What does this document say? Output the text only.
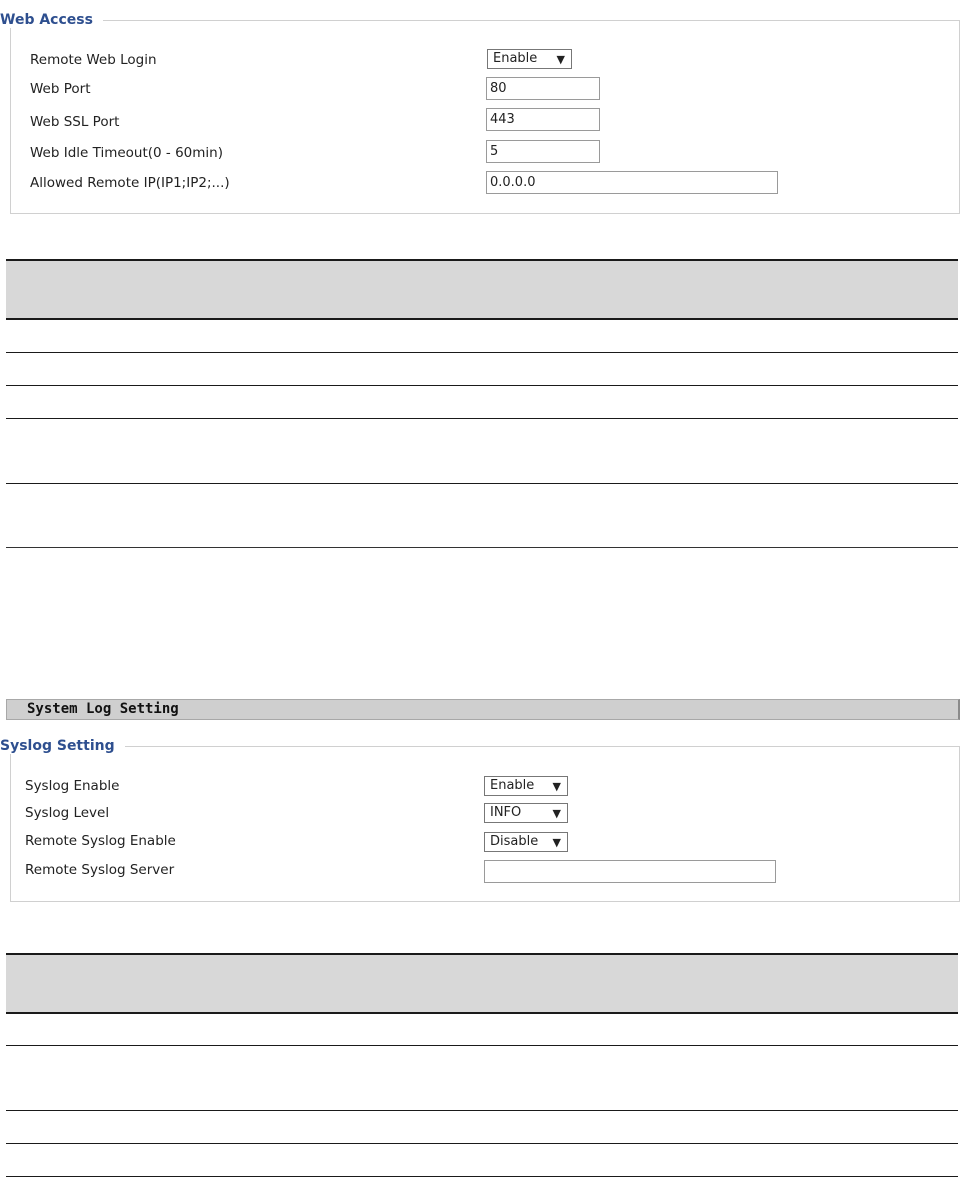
Web Access
Remote Web Login	Enable ▼
Web Port	80
Web SSL Port	443
Web Idle Timeout(0 - 60min)	5
Allowed Remote IP(IP1;IP2;...)	0.0.0.0
System Log Setting
Syslog Setting
Syslog Enable	Enable ▼
Syslog Level	INFO	▼
Remote Syslog Enable	Disable ▼
Remote Syslog Server
